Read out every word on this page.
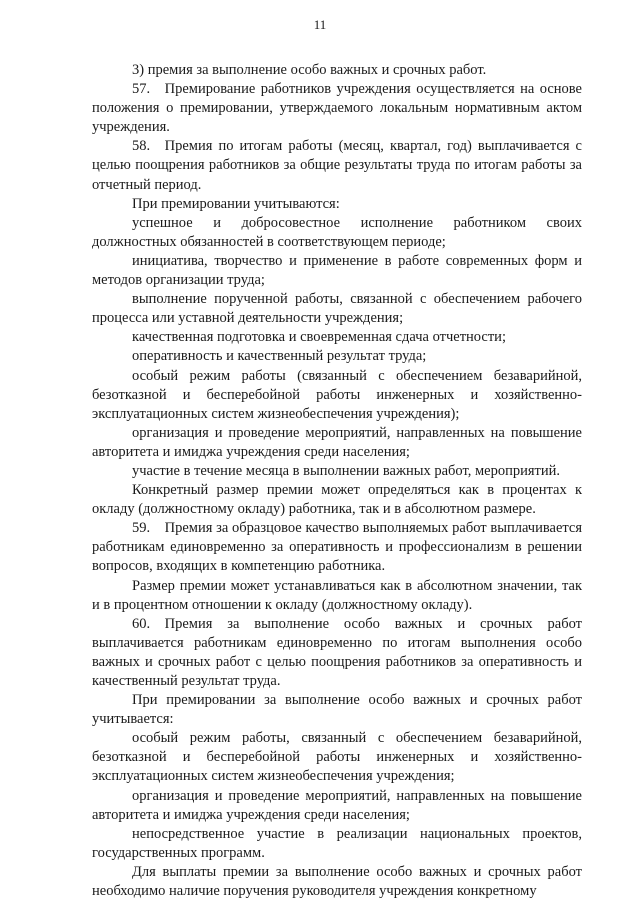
11

3) премия за выполнение особо важных и срочных работ.

57. Премирование работников учреждения осуществляется на основе положения о премировании, утверждаемого локальным нормативным актом учреждения.

58. Премия по итогам работы (месяц, квартал, год) выплачивается с целью поощрения работников за общие результаты труда по итогам работы за отчетный период.

При премировании учитываются:

успешное и добросовестное исполнение работником своих должностных обязанностей в соответствующем периоде;

инициатива, творчество и применение в работе современных форм и методов организации труда;

выполнение порученной работы, связанной с обеспечением рабочего процесса или уставной деятельности учреждения;

качественная подготовка и своевременная сдача отчетности;

оперативность и качественный результат труда;

особый режим работы (связанный с обеспечением безаварийной, безотказной и бесперебойной работы инженерных и хозяйственно-эксплуатационных систем жизнеобеспечения учреждения);

организация и проведение мероприятий, направленных на повышение авторитета и имиджа учреждения среди населения;

участие в течение месяца в выполнении важных работ, мероприятий.

Конкретный размер премии может определяться как в процентах к окладу (должностному окладу) работника, так и в абсолютном размере.

59. Премия за образцовое качество выполняемых работ выплачивается работникам единовременно за оперативность и профессионализм в решении вопросов, входящих в компетенцию работника.

Размер премии может устанавливаться как в абсолютном значении, так и в процентном отношении к окладу (должностному окладу).

60. Премия за выполнение особо важных и срочных работ выплачивается работникам единовременно по итогам выполнения особо важных и срочных работ с целью поощрения работников за оперативность и качественный результат труда.

При премировании за выполнение особо важных и срочных работ учитывается:

особый режим работы, связанный с обеспечением безаварийной, безотказной и бесперебойной работы инженерных и хозяйственно-эксплуатационных систем жизнеобеспечения учреждения;

организация и проведение мероприятий, направленных на повышение авторитета и имиджа учреждения среди населения;

непосредственное участие в реализации национальных проектов, государственных программ.

Для выплаты премии за выполнение особо важных и срочных работ необходимо наличие поручения руководителя учреждения конкретному
